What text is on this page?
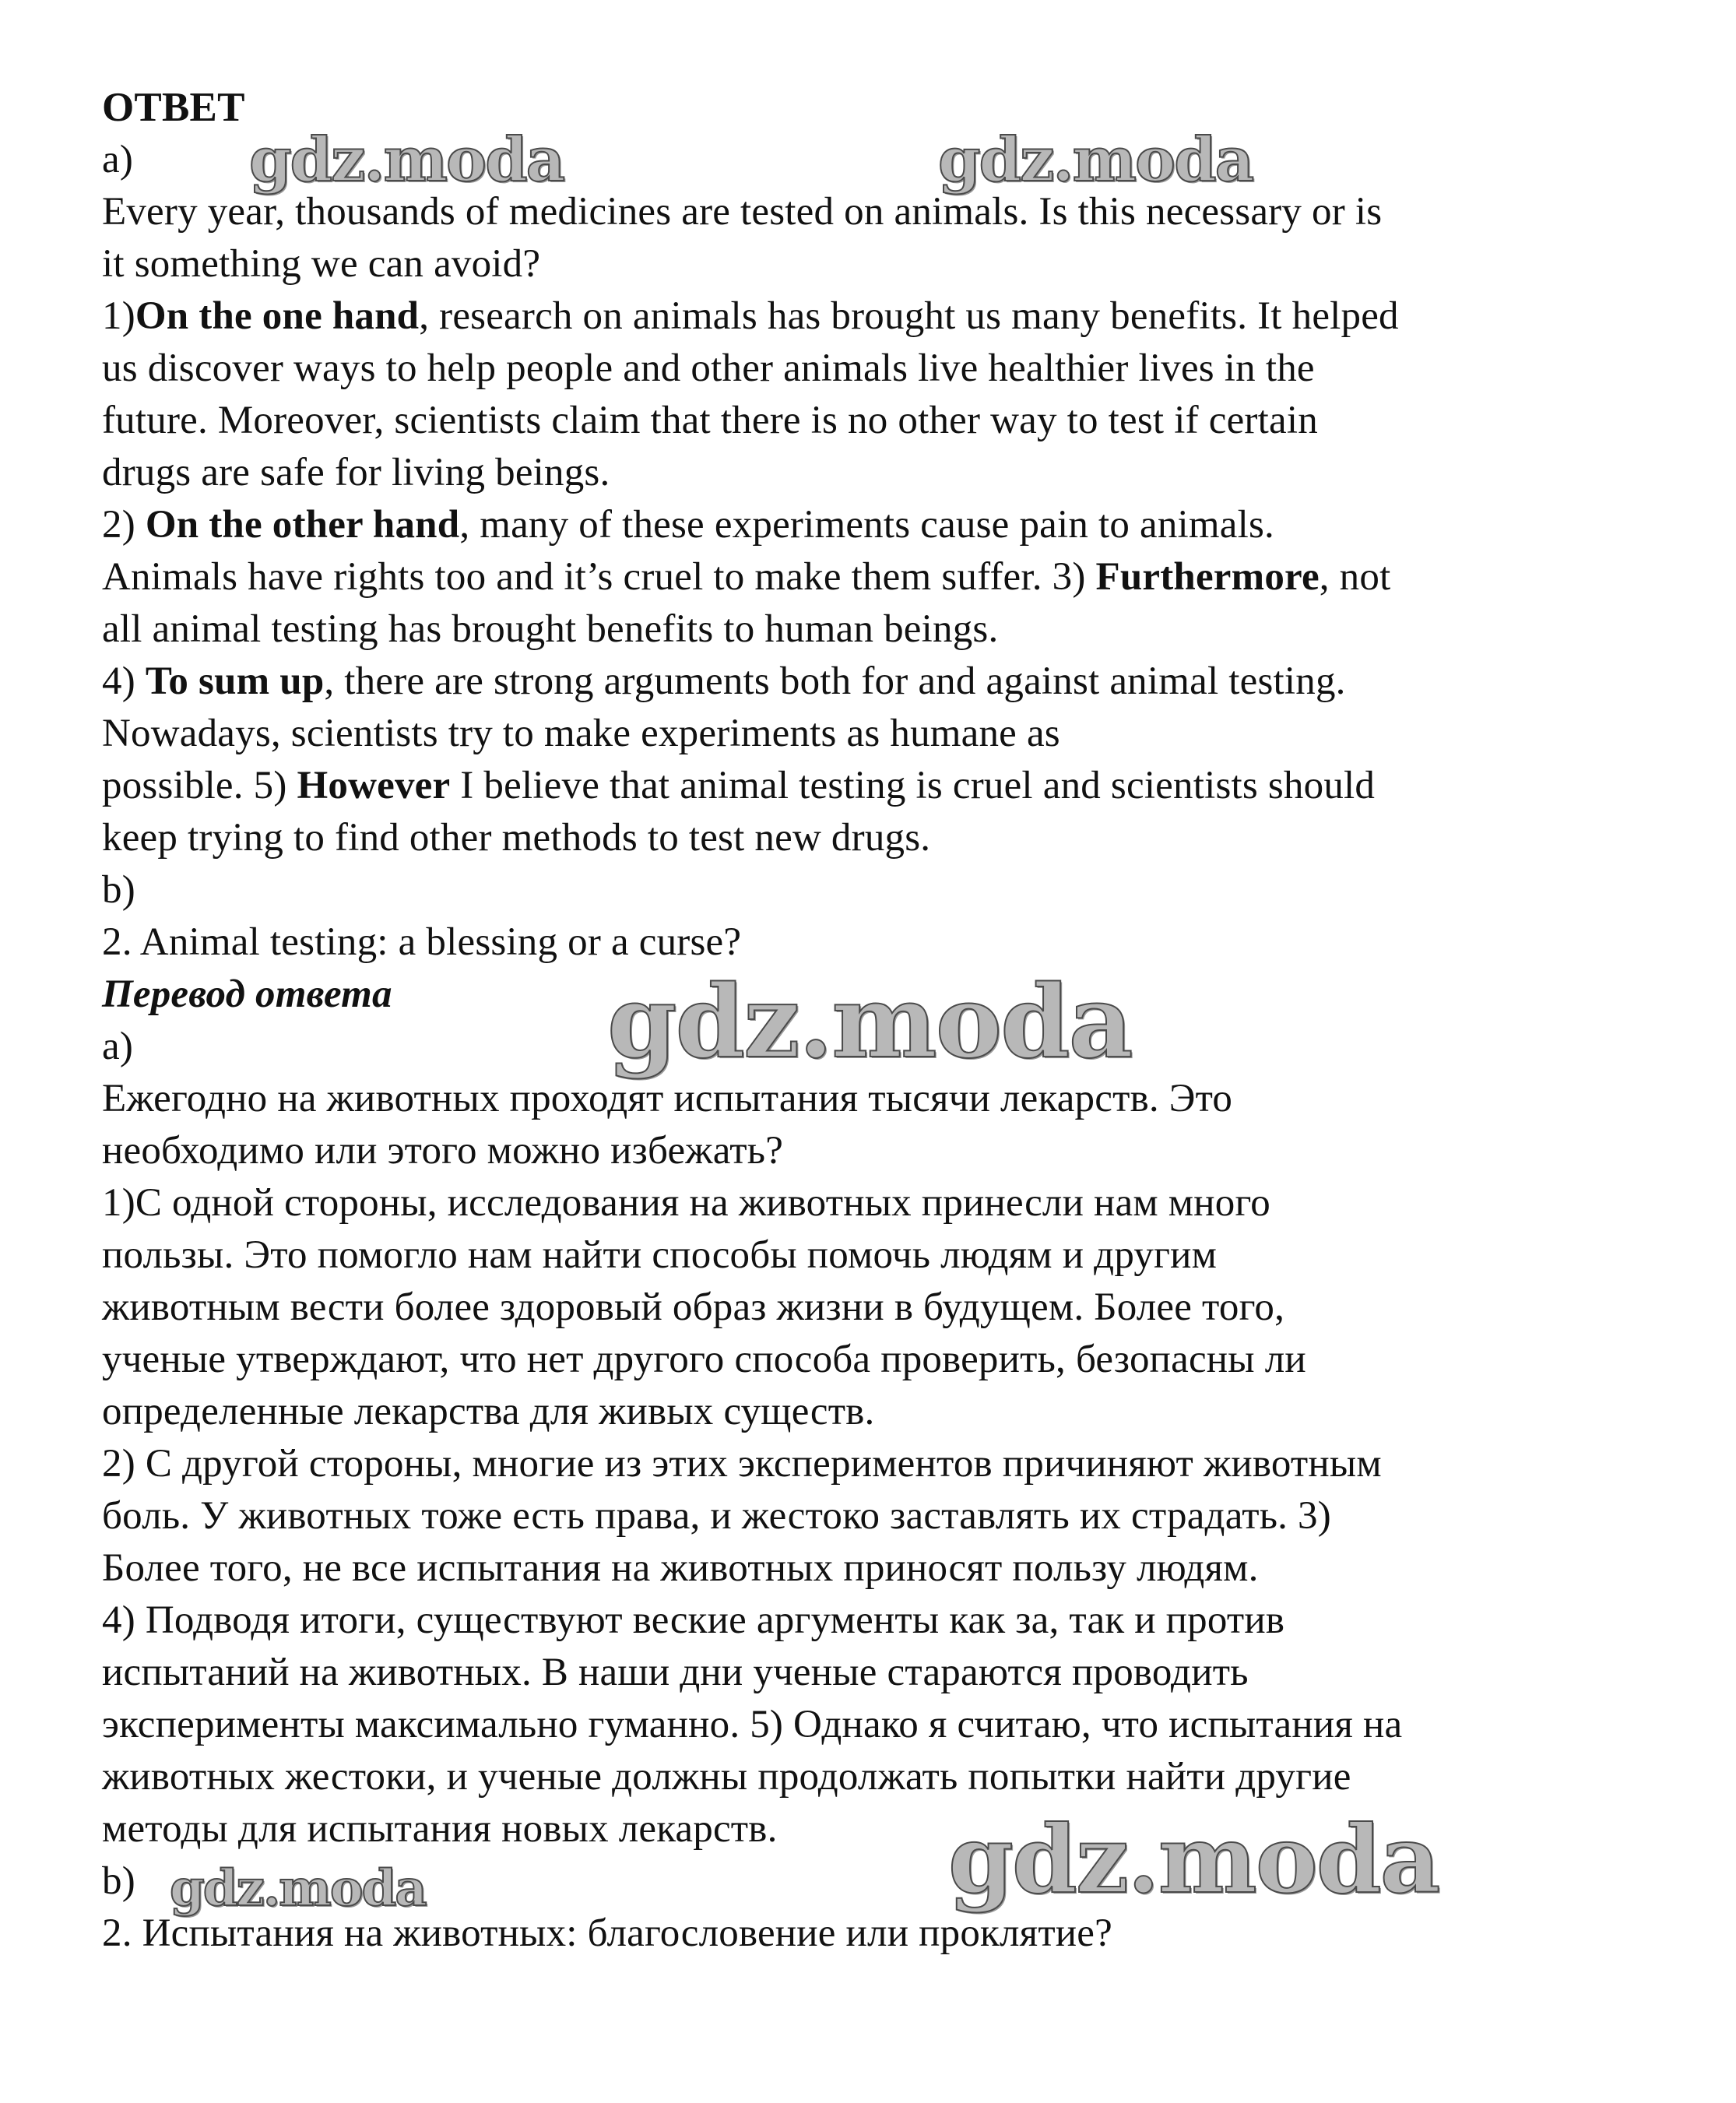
ОТВЕТ

a)

Every year, thousands of medicines are tested on animals. Is this necessary or is

it something we can avoid?

1)On the one hand, research on animals has brought us many benefits. It helped

us discover ways to help people and other animals live healthier lives in the

future. Moreover, scientists claim that there is no other way to test if certain

drugs are safe for living beings.

2) On the other hand, many of these experiments cause pain to animals.

Animals have rights too and it’s cruel to make them suffer. 3) Furthermore, not

all animal testing has brought benefits to human beings.

4) To sum up, there are strong arguments both for and against animal testing.

Nowadays, scientists try to make experiments as humane as

possible. 5) However I believe that animal testing is cruel and scientists should

keep trying to find other methods to test new drugs.

b)

2. Animal testing: a blessing or a curse?

Перевод ответа

a)

Ежегодно на животных проходят испытания тысячи лекарств. Это

необходимо или этого можно избежать?

1)С одной стороны, исследования на животных принесли нам много

пользы. Это помогло нам найти способы помочь людям и другим

животным вести более здоровый образ жизни в будущем. Более того,

ученые утверждают, что нет другого способа проверить, безопасны ли

определенные лекарства для живых существ.

2) С другой стороны, многие из этих экспериментов причиняют животным

боль. У животных тоже есть права, и жестоко заставлять их страдать. 3)

Более того, не все испытания на животных приносят пользу людям.

4) Подводя итоги, существуют веские аргументы как за, так и против

испытаний на животных. В наши дни ученые стараются проводить

эксперименты максимально гуманно. 5) Однако я считаю, что испытания на

животных жестоки, и ученые должны продолжать попытки найти другие

методы для испытания новых лекарств.

b)

2. Испытания на животных: благословение или проклятие?

gdz.moda	gdz.moda
gdz.moda
gdz.moda
gdz.moda
